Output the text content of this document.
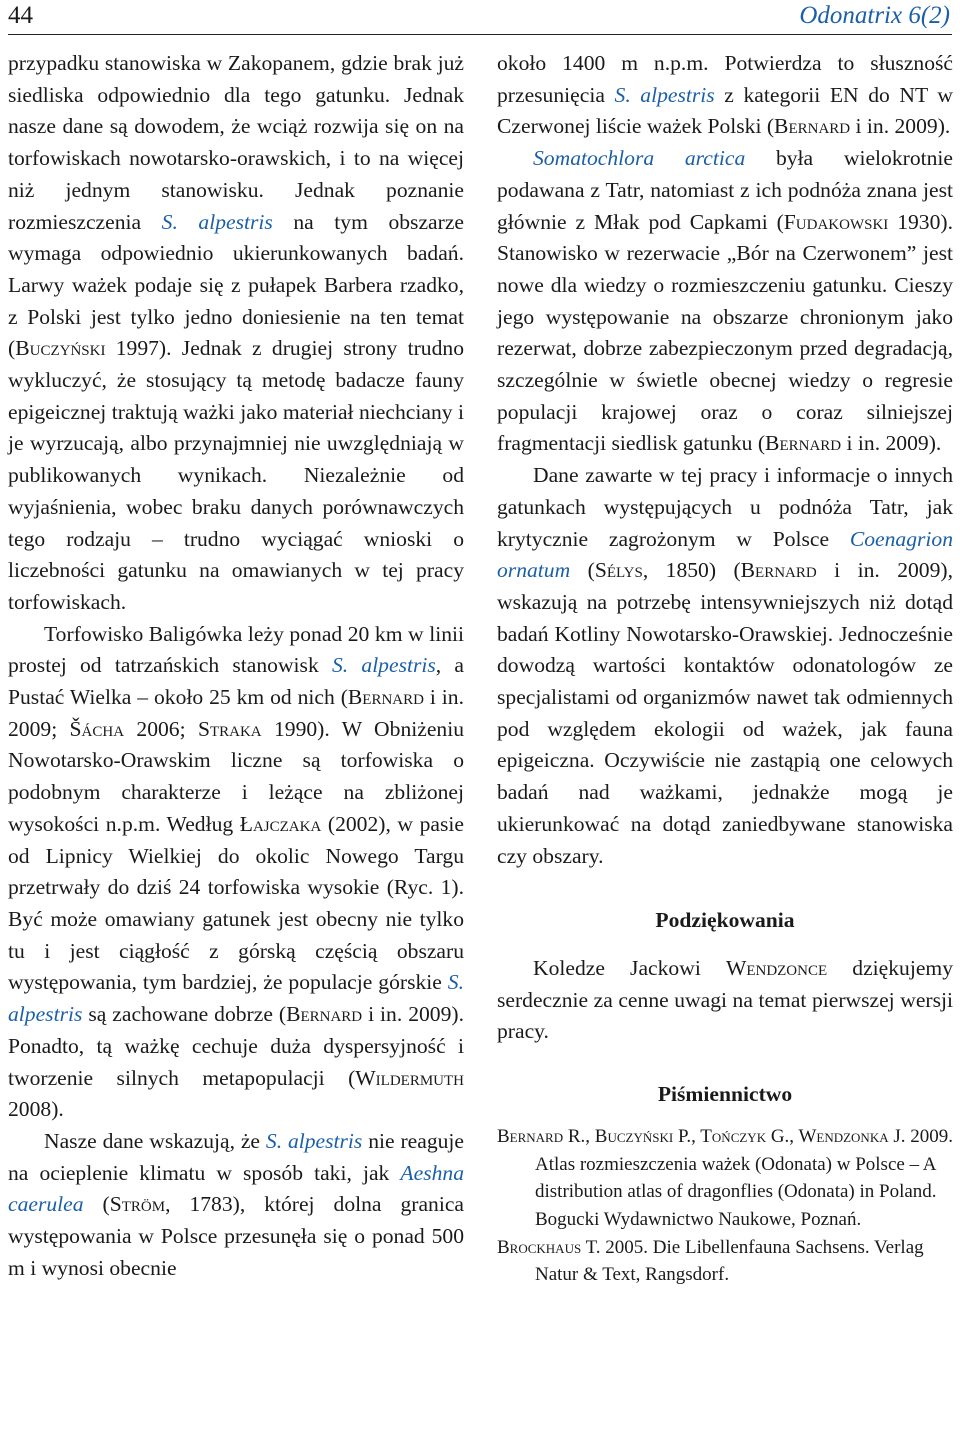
44	Odonatrix 6(2)

przypadku stanowiska w Zakopanem, gdzie brak już siedliska odpowiednio dla tego gatunku. Jednak nasze dane są dowodem, że wciąż rozwija się on na torfowiskach nowotarsko-orawskich, i to na więcej niż jednym stanowisku. Jednak poznanie rozmieszczenia S. alpestris na tym obszarze wymaga odpowiednio ukierunkowanych badań. Larwy ważek podaje się z pułapek Barbera rzadko, z Polski jest tylko jedno doniesienie na ten temat (Buczyński 1997). Jednak z drugiej strony trudno wykluczyć, że stosujący tą metodę badacze fauny epigeicznej traktują ważki jako materiał niechciany i je wyrzucają, albo przynajmniej nie uwzględniają w publikowanych wynikach. Niezależnie od wyjaśnienia, wobec braku danych porównawczych tego rodzaju – trudno wyciągać wnioski o liczebności gatunku na omawianych w tej pracy torfowiskach.

Torfowisko Baligówka leży ponad 20 km w linii prostej od tatrzańskich stanowisk S. alpestris, a Pustać Wielka – około 25 km od nich (Bernard i in. 2009; Šácha 2006; Straka 1990). W Obniżeniu Nowotarsko-Orawskim liczne są torfowiska o podobnym charakterze i leżące na zbliżonej wysokości n.p.m. Według Łajczaka (2002), w pasie od Lipnicy Wielkiej do okolic Nowego Targu przetrwały do dziś 24 torfowiska wysokie (Ryc. 1). Być może omawiany gatunek jest obecny nie tylko tu i jest ciągłość z górską częścią obszaru występowania, tym bardziej, że populacje górskie S. alpestris są zachowane dobrze (Bernard i in. 2009). Ponadto, tą ważkę cechuje duża dyspersyjność i tworzenie silnych metapopulacji (Wildermuth 2008).

Nasze dane wskazują, że S. alpestris nie reaguje na ocieplenie klimatu w sposób taki, jak Aeshna caerulea (Ström, 1783), której dolna granica występowania w Polsce przesunęła się o ponad 500 m i wynosi obecnie

około 1400 m n.p.m. Potwierdza to słuszność przesunięcia S. alpestris z kategorii EN do NT w Czerwonej liście ważek Polski (Bernard i in. 2009).

Somatochlora arctica była wielokrotnie podawana z Tatr, natomiast z ich podnóża znana jest głównie z Młak pod Capkami (Fudakowski 1930). Stanowisko w rezerwacie „Bór na Czerwonem” jest nowe dla wiedzy o rozmieszczeniu gatunku. Cieszy jego występowanie na obszarze chronionym jako rezerwat, dobrze zabezpieczonym przed degradacją, szczególnie w świetle obecnej wiedzy o regresie populacji krajowej oraz o coraz silniejszej fragmentacji siedlisk gatunku (Bernard i in. 2009).

Dane zawarte w tej pracy i informacje o innych gatunkach występujących u podnóża Tatr, jak krytycznie zagrożonym w Polsce Coenagrion ornatum (Sélys, 1850) (Bernard i in. 2009), wskazują na potrzebę intensywniejszych niż dotąd badań Kotliny Nowotarsko-Orawskiej. Jednocześnie dowodzą wartości kontaktów odonatologów ze specjalistami od organizmów nawet tak odmiennych pod względem ekologii od ważek, jak fauna epigeiczna. Oczywiście nie zastąpią one celowych badań nad ważkami, jednakże mogą je ukierunkować na dotąd zaniedbywane stanowiska czy obszary.

Podziękowania

Koledze Jackowi Wendzonce dziękujemy serdecznie za cenne uwagi na temat pierwszej wersji pracy.

Piśmiennictwo

Bernard R., Buczyński P., Tończyk G., Wendzonka J. 2009. Atlas rozmieszczenia ważek (Odonata) w Polsce – A distribution atlas of dragonflies (Odonata) in Poland. Bogucki Wydawnictwo Naukowe, Poznań.

Brockhaus T. 2005. Die Libellenfauna Sachsens. Verlag Natur & Text, Rangsdorf.
